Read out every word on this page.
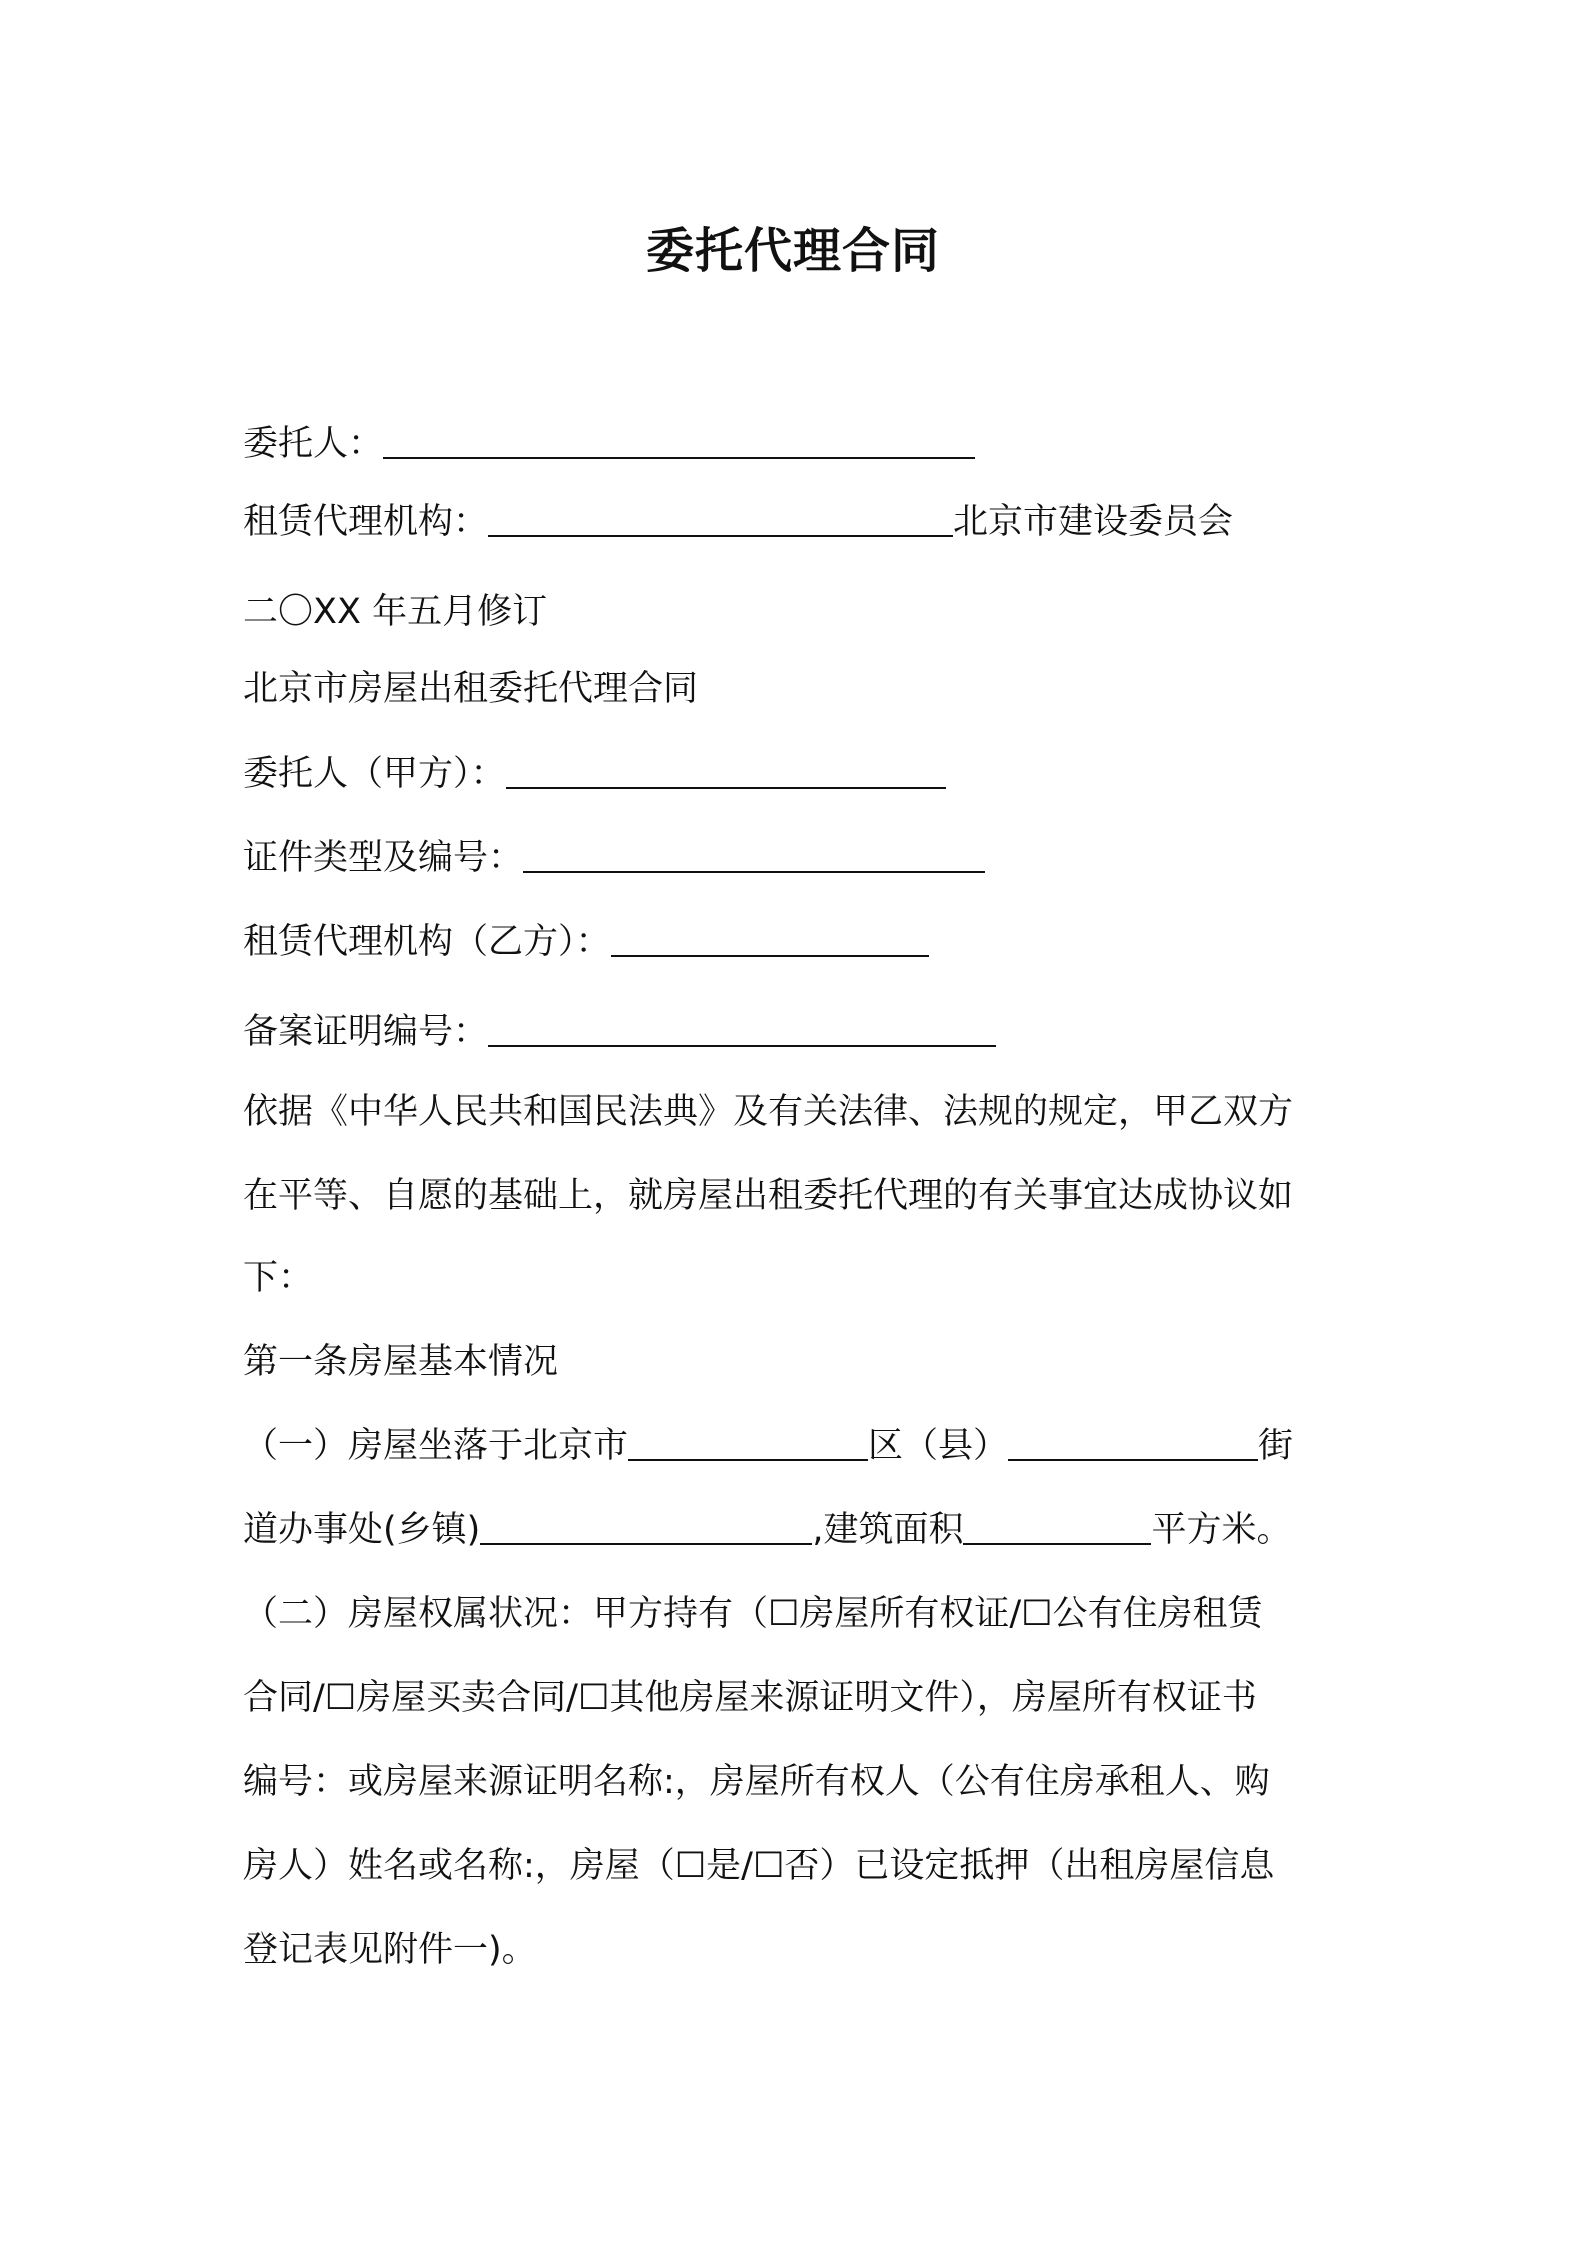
委托代理合同
委托人：
租赁代理机构：	北京市建设委员会
二〇XX 年五月修订
北京市房屋出租委托代理合同
委托人（甲方）：
证件类型及编号：
租赁代理机构（乙方）：
备案证明编号：
依据《中华人民共和国民法典》及有关法律、法规的规定，甲乙双方
在平等、自愿的基础上，就房屋出租委托代理的有关事宜达成协议如
下：
第一条房屋基本情况
（一）房屋坐落于北京市	区（县）	街
道办事处(乡镇)	,建筑面积	平方米。
（二）房屋权属状况：甲方持有（☐房屋所有权证/☐公有住房租赁
合同/☐房屋买卖合同/☐其他房屋来源证明文件），房屋所有权证书
编号：或房屋来源证明名称:，房屋所有权人（公有住房承租人、购
房人）姓名或名称:，房屋（☐是/☐否）已设定抵押（出租房屋信息
登记表见附件一)。
